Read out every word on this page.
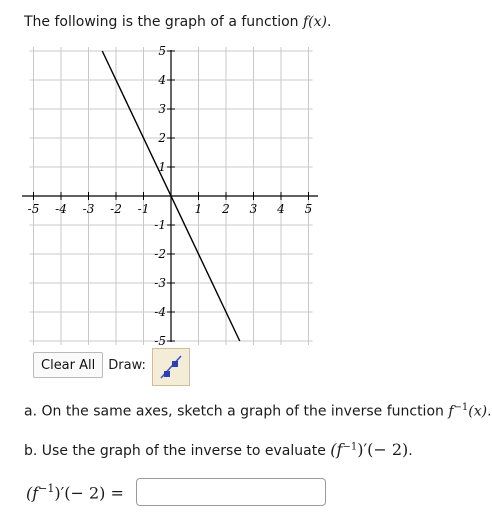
The following is the graph of a function f(x).
-5 -4 -3 -2 -1	1 2 3 4 5
5
4
3
2
1
-1
-2
-3
-4
-5
Clear All	Draw:
a. On the same axes, sketch a graph of the inverse function $f^{-1}(x)$.
b. Use the graph of the inverse to evaluate $(f^{-1})'(- 2)$.
$(f^{-1})'(- 2)$ =
